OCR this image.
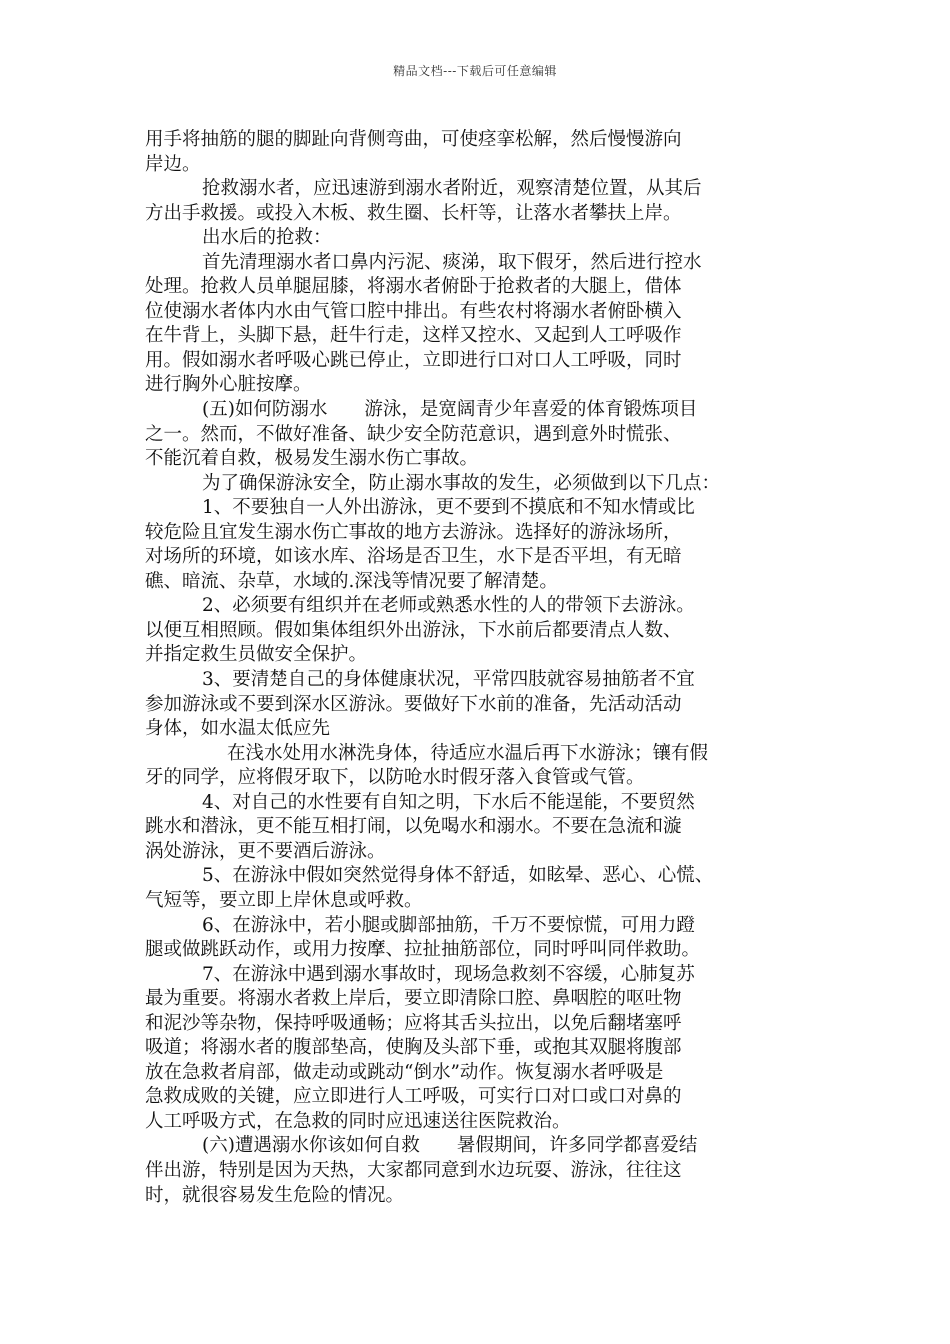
精品文档---下载后可任意编辑
用手将抽筋的腿的脚趾向背侧弯曲，可使痉挛松解，然后慢慢游向
岸边。
抢救溺水者，应迅速游到溺水者附近，观察清楚位置，从其后
方出手救援。或投入木板、救生圈、长杆等，让落水者攀扶上岸。
出水后的抢救：
首先清理溺水者口鼻内污泥、痰涕，取下假牙，然后进行控水
处理。抢救人员单腿屈膝，将溺水者俯卧于抢救者的大腿上，借体
位使溺水者体内水由气管口腔中排出。有些农村将溺水者俯卧横入
在牛背上，头脚下悬，赶牛行走，这样又控水、又起到人工呼吸作
用。假如溺水者呼吸心跳已停止，立即进行口对口人工呼吸，同时
进行胸外心脏按摩。
(五)如何防溺水　　游泳，是宽阔青少年喜爱的体育锻炼项目
之一。然而，不做好准备、缺少安全防范意识，遇到意外时慌张、
不能沉着自救，极易发生溺水伤亡事故。
为了确保游泳安全，防止溺水事故的发生，必须做到以下几点：
1、不要独自一人外出游泳，更不要到不摸底和不知水情或比
较危险且宜发生溺水伤亡事故的地方去游泳。选择好的游泳场所，
对场所的环境，如该水库、浴场是否卫生，水下是否平坦，有无暗
礁、暗流、杂草，水域的.深浅等情况要了解清楚。
2、必须要有组织并在老师或熟悉水性的人的带领下去游泳。
以便互相照顾。假如集体组织外出游泳，下水前后都要清点人数、
并指定救生员做安全保护。
3、要清楚自己的身体健康状况，平常四肢就容易抽筋者不宜
参加游泳或不要到深水区游泳。要做好下水前的准备，先活动活动
身体，如水温太低应先
在浅水处用水淋洗身体，待适应水温后再下水游泳；镶有假
牙的同学，应将假牙取下，以防呛水时假牙落入食管或气管。
4、对自己的水性要有自知之明，下水后不能逞能，不要贸然
跳水和潜泳，更不能互相打闹，以免喝水和溺水。不要在急流和漩
涡处游泳，更不要酒后游泳。
5、在游泳中假如突然觉得身体不舒适，如眩晕、恶心、心慌、
气短等，要立即上岸休息或呼救。
6、在游泳中，若小腿或脚部抽筋，千万不要惊慌，可用力蹬
腿或做跳跃动作，或用力按摩、拉扯抽筋部位，同时呼叫同伴救助。
7、在游泳中遇到溺水事故时，现场急救刻不容缓，心肺复苏
最为重要。将溺水者救上岸后，要立即清除口腔、鼻咽腔的呕吐物
和泥沙等杂物，保持呼吸通畅；应将其舌头拉出，以免后翻堵塞呼
吸道；将溺水者的腹部垫高，使胸及头部下垂，或抱其双腿将腹部
放在急救者肩部，做走动或跳动“倒水”动作。恢复溺水者呼吸是
急救成败的关键，应立即进行人工呼吸，可实行口对口或口对鼻的
人工呼吸方式，在急救的同时应迅速送往医院救治。
(六)遭遇溺水你该如何自救　　暑假期间，许多同学都喜爱结
伴出游，特别是因为天热，大家都同意到水边玩耍、游泳，往往这
时，就很容易发生危险的情况。
